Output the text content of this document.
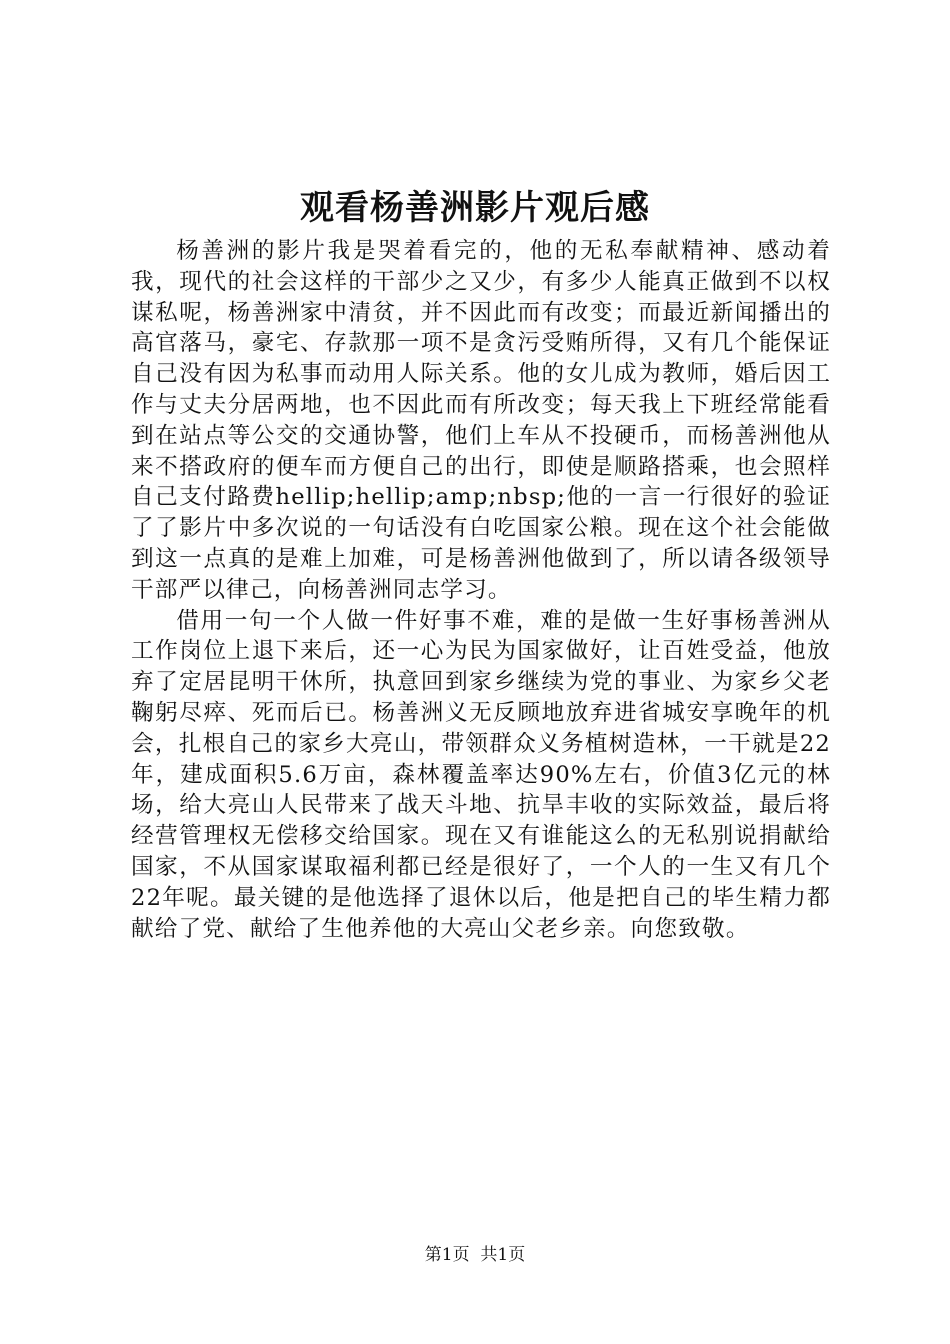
观看杨善洲影片观后感

杨善洲的影片我是哭着看完的，他的无私奉献精神、感动着我，现代的社会这样的干部少之又少，有多少人能真正做到不以权谋私呢，杨善洲家中清贫，并不因此而有改变；而最近新闻播出的高官落马，豪宅、存款那一项不是贪污受贿所得，又有几个能保证自己没有因为私事而动用人际关系。他的女儿成为教师，婚后因工作与丈夫分居两地，也不因此而有所改变；每天我上下班经常能看到在站点等公交的交通协警，他们上车从不投硬币，而杨善洲他从来不搭政府的便车而方便自己的出行，即使是顺路搭乘，也会照样自己支付路费hellip;hellip;amp;nbsp;他的一言一行很好的验证了了影片中多次说的一句话没有白吃国家公粮。现在这个社会能做到这一点真的是难上加难，可是杨善洲他做到了，所以请各级领导干部严以律己，向杨善洲同志学习。

借用一句一个人做一件好事不难，难的是做一生好事杨善洲从工作岗位上退下来后，还一心为民为国家做好，让百姓受益，他放弃了定居昆明干休所，执意回到家乡继续为党的事业、为家乡父老鞠躬尽瘁、死而后已。杨善洲义无反顾地放弃进省城安享晚年的机会，扎根自己的家乡大亮山，带领群众义务植树造林，一干就是22年，建成面积5.6万亩，森林覆盖率达90%左右，价值3亿元的林场，给大亮山人民带来了战天斗地、抗旱丰收的实际效益，最后将经营管理权无偿移交给国家。现在又有谁能这么的无私别说捐献给国家，不从国家谋取福利都已经是很好了，一个人的一生又有几个22年呢。最关键的是他选择了退休以后，他是把自己的毕生精力都献给了党、献给了生他养他的大亮山父老乡亲。向您致敬。

第1页  共1页
